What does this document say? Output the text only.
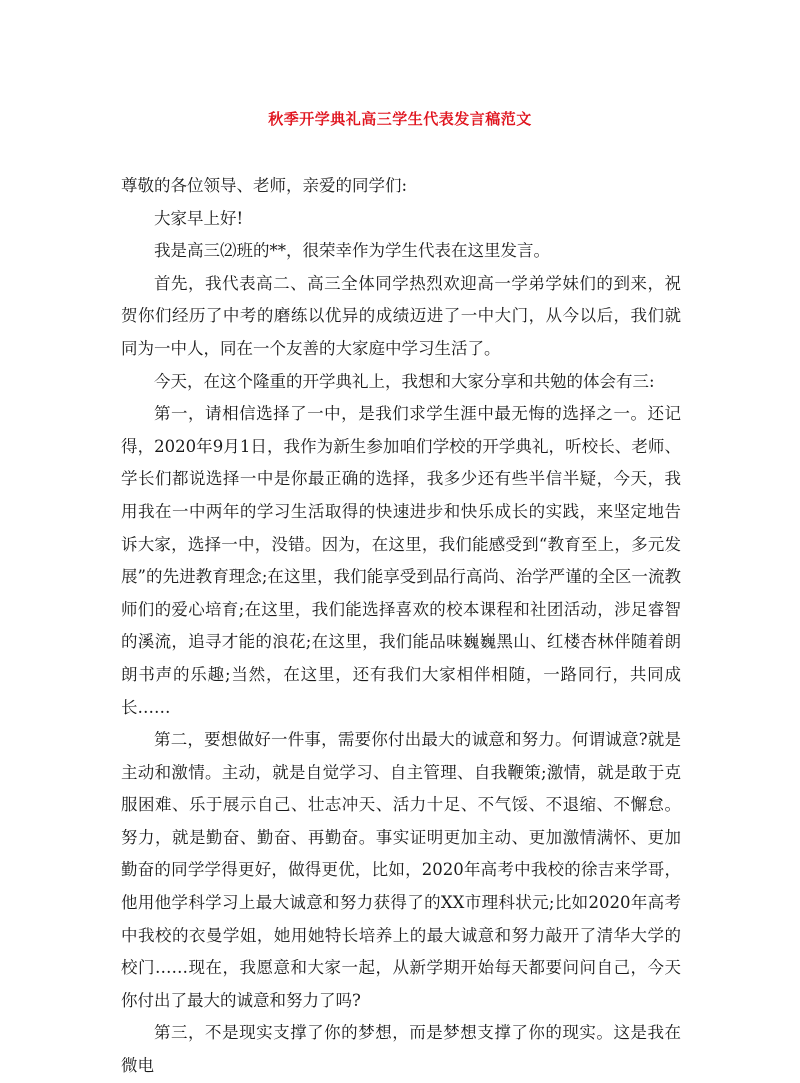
秋季开学典礼高三学生代表发言稿范文

尊敬的各位领导、老师，亲爱的同学们:

大家早上好!

我是高三⑵班的**，很荣幸作为学生代表在这里发言。

首先，我代表高二、高三全体同学热烈欢迎高一学弟学妹们的到来，祝贺你们经历了中考的磨练以优异的成绩迈进了一中大门，从今以后，我们就同为一中人，同在一个友善的大家庭中学习生活了。

今天，在这个隆重的开学典礼上，我想和大家分享和共勉的体会有三:

第一，请相信选择了一中，是我们求学生涯中最无悔的选择之一。还记得，2020年9月1日，我作为新生参加咱们学校的开学典礼，听校长、老师、学长们都说选择一中是你最正确的选择，我多少还有些半信半疑，今天，我用我在一中两年的学习生活取得的快速进步和快乐成长的实践，来坚定地告诉大家，选择一中，没错。因为，在这里，我们能感受到“教育至上，多元发展”的先进教育理念;在这里，我们能享受到品行高尚、治学严谨的全区一流教师们的爱心培育;在这里，我们能选择喜欢的校本课程和社团活动，涉足睿智的溪流，追寻才能的浪花;在这里，我们能品味巍巍黑山、红楼杏林伴随着朗朗书声的乐趣;当然，在这里，还有我们大家相伴相随，一路同行，共同成长……

第二，要想做好一件事，需要你付出最大的诚意和努力。何谓诚意?就是主动和激情。主动，就是自觉学习、自主管理、自我鞭策;激情，就是敢于克服困难、乐于展示自己、壮志冲天、活力十足、不气馁、不退缩、不懈怠。努力，就是勤奋、勤奋、再勤奋。事实证明更加主动、更加激情满怀、更加勤奋的同学学得更好，做得更优，比如，2020年高考中我校的徐吉来学哥，他用他学科学习上最大诚意和努力获得了的XX市理科状元;比如2020年高考中我校的衣曼学姐，她用她特长培养上的最大诚意和努力敲开了清华大学的校门……现在，我愿意和大家一起，从新学期开始每天都要问问自己，今天你付出了最大的诚意和努力了吗?

第三，不是现实支撑了你的梦想，而是梦想支撑了你的现实。这是我在微电
